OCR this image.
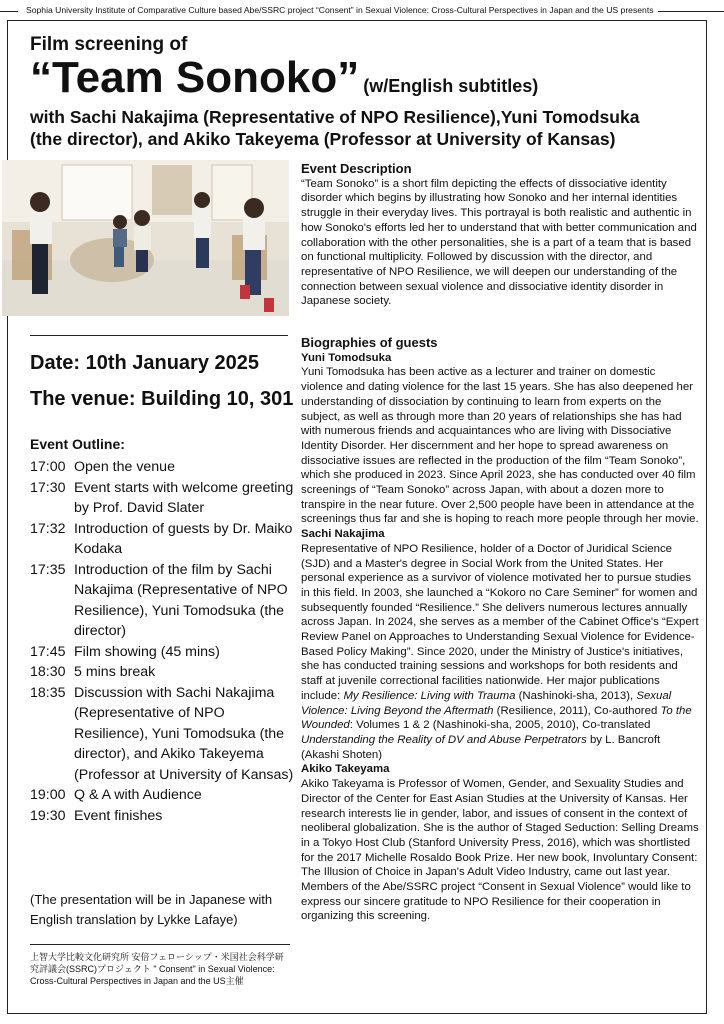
Sophia University Institute of Comparative Culture based Abe/SSRC project “Consent” in Sexual Violence: Cross-Cultural Perspectives in Japan and the US presents
Film screening of
“Team Sonoko” (w/English subtitles)
with Sachi Nakajima (Representative of NPO Resilience),Yuni Tomodsuka (the director), and Akiko Takeyema (Professor at University of Kansas)
Date: 10th January 2025
The venue: Building 10, 301
Event Outline:
17:00 Open the venue
17:30 Event starts with welcome greeting by Prof. David Slater
17:32 Introduction of guests by Dr. Maiko Kodaka
17:35 Introduction of the film by Sachi Nakajima (Representative of NPO Resilience), Yuni Tomodsuka (the director)
17:45 Film showing (45 mins)
18:30 5 mins break
18:35 Discussion with Sachi Nakajima (Representative of NPO Resilience), Yuni Tomodsuka (the director), and Akiko Takeyema (Professor at University of Kansas)
19:00 Q & A with Audience
19:30 Event finishes
(The presentation will be in Japanese with English translation by Lykke Lafaye)
上智大学比較文化研究所 安倍フェローシップ・米国社会科学研究評議会(SSRC)プロジェクト " Consent" in Sexual Violence: Cross-Cultural Perspectives in Japan and the US主催
Event Description

“Team Sonoko” is a short film depicting the effects of dissociative identity disorder which begins by illustrating how Sonoko and her internal identities struggle in their everyday lives. This portrayal is both realistic and authentic in how Sonoko's efforts led her to understand that with better communication and collaboration with the other personalities, she is a part of a team that is based on functional multiplicity. Followed by discussion with the director, and representative of NPO Resilience, we will deepen our understanding of the connection between sexual violence and dissociative identity disorder in Japanese society.

Biographies of guests
Yuni Tomodsuka

Yuni Tomodsuka has been active as a lecturer and trainer on domestic violence and dating violence for the last 15 years. She has also deepened her understanding of dissociation by continuing to learn from experts on the subject, as well as through more than 20 years of relationships she has had with numerous friends and acquaintances who are living with Dissociative Identity Disorder. Her discernment and her hope to spread awareness on dissociative issues are reflected in the production of the film “Team Sonoko”, which she produced in 2023. Since April 2023, she has conducted over 40 film screenings of “Team Sonoko” across Japan, with about a dozen more to transpire in the near future. Over 2,500 people have been in attendance at the screenings thus far and she is hoping to reach more people through her movie.

Sachi Nakajima

Representative of NPO Resilience, holder of a Doctor of Juridical Science (SJD) and a Master's degree in Social Work from the United States. Her personal experience as a survivor of violence motivated her to pursue studies in this field. In 2003, she launched a “Kokoro no Care Seminer” for women and subsequently founded “Resilience.” She delivers numerous lectures annually across Japan. In 2024, she serves as a member of the Cabinet Office's “Expert Review Panel on Approaches to Understanding Sexual Violence for Evidence-Based Policy Making”. Since 2020, under the Ministry of Justice's initiatives, she has conducted training sessions and workshops for both residents and staff at juvenile correctional facilities nationwide. Her major publications include: My Resilience: Living with Trauma (Nashinoki-sha, 2013), Sexual Violence: Living Beyond the Aftermath (Resilience, 2011), Co-authored To the Wounded: Volumes 1 & 2 (Nashinoki-sha, 2005, 2010), Co-translated Understanding the Reality of DV and Abuse Perpetrators by L. Bancroft (Akashi Shoten)

Akiko Takeyama

Akiko Takeyama is Professor of Women, Gender, and Sexuality Studies and Director of the Center for East Asian Studies at the University of Kansas. Her research interests lie in gender, labor, and issues of consent in the context of neoliberal globalization. She is the author of Staged Seduction: Selling Dreams in a Tokyo Host Club (Stanford University Press, 2016), which was shortlisted for the 2017 Michelle Rosaldo Book Prize. Her new book, Involuntary Consent: The Illusion of Choice in Japan's Adult Video Industry, came out last year.

Members of the Abe/SSRC project “Consent in Sexual Violence” would like to express our sincere gratitude to NPO Resilience for their cooperation in organizing this screening.
